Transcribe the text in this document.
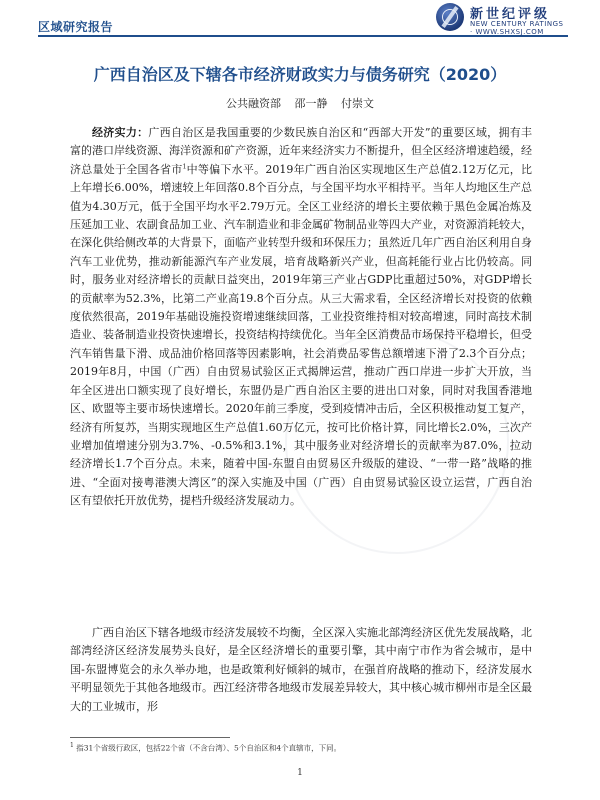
区域研究报告
新世纪评级
NEW CENTURY RATINGS · WWW.SHXSJ.COM
广西自治区及下辖各市经济财政实力与债务研究（2020）
公共融资部 邵一静 付崇文

经济实力：广西自治区是我国重要的少数民族自治区和“西部大开发”的重要区域，拥有丰富的港口岸线资源、海洋资源和矿产资源，近年来经济实力不断提升，但全区经济增速趋缓，经济总量处于全国各省市$^1$中等偏下水平。2019年广西自治区实现地区生产总值2.12万亿元，比上年增长6.00%，增速较上年回落0.8个百分点，与全国平均水平相持平。当年人均地区生产总值为4.30万元，低于全国平均水平2.79万元。全区工业经济的增长主要依赖于黑色金属冶炼及压延加工业、农副食品加工业、汽车制造业和非金属矿物制品业等四大产业，对资源消耗较大，在深化供给侧改革的大背景下，面临产业转型升级和环保压力；虽然近几年广西自治区利用自身汽车工业优势，推动新能源汽车产业发展，培育战略新兴产业，但高耗能行业占比仍较高。同时，服务业对经济增长的贡献日益突出，2019年第三产业占GDP比重超过50%，对GDP增长的贡献率为52.3%，比第二产业高19.8个百分点。从三大需求看，全区经济增长对投资的依赖度依然很高，2019年基础设施投资增速继续回落，工业投资维持相对较高增速，同时高技术制造业、装备制造业投资快速增长，投资结构持续优化。当年全区消费品市场保持平稳增长，但受汽车销售量下滑、成品油价格回落等因素影响，社会消费品零售总额增速下滑了2.3个百分点；2019年8月，中国（广西）自由贸易试验区正式揭牌运营，推动广西口岸进一步扩大开放，当年全区进出口额实现了良好增长，东盟仍是广西自治区主要的进出口对象，同时对我国香港地区、欧盟等主要市场快速增长。2020年前三季度，受到疫情冲击后，全区积极推动复工复产，经济有所复苏，当期实现地区生产总值1.60万亿元，按可比价格计算，同比增长2.0%，三次产业增加值增速分别为3.7%、-0.5%和3.1%，其中服务业对经济增长的贡献率为87.0%，拉动经济增长1.7个百分点。未来，随着中国-东盟自由贸易区升级版的建设、“一带一路”战略的推进、“全面对接粤港澳大湾区”的深入实施及中国（广西）自由贸易试验区设立运营，广西自治区有望依托开放优势，提档升级经济发展动力。

广西自治区下辖各地级市经济发展较不均衡，全区深入实施北部湾经济区优先发展战略，北部湾经济区经济发展势头良好，是全区经济增长的重要引擎，其中南宁市作为省会城市，是中国-东盟博览会的永久举办地，也是政策利好倾斜的城市，在强首府战略的推动下，经济发展水平明显领先于其他各地级市。西江经济带各地级市发展差异较大，其中核心城市柳州市是全区最大的工业城市，形

$^1$ 指31个省级行政区，包括22个省（不含台湾）、5个自治区和4个直辖市，下同。
1
